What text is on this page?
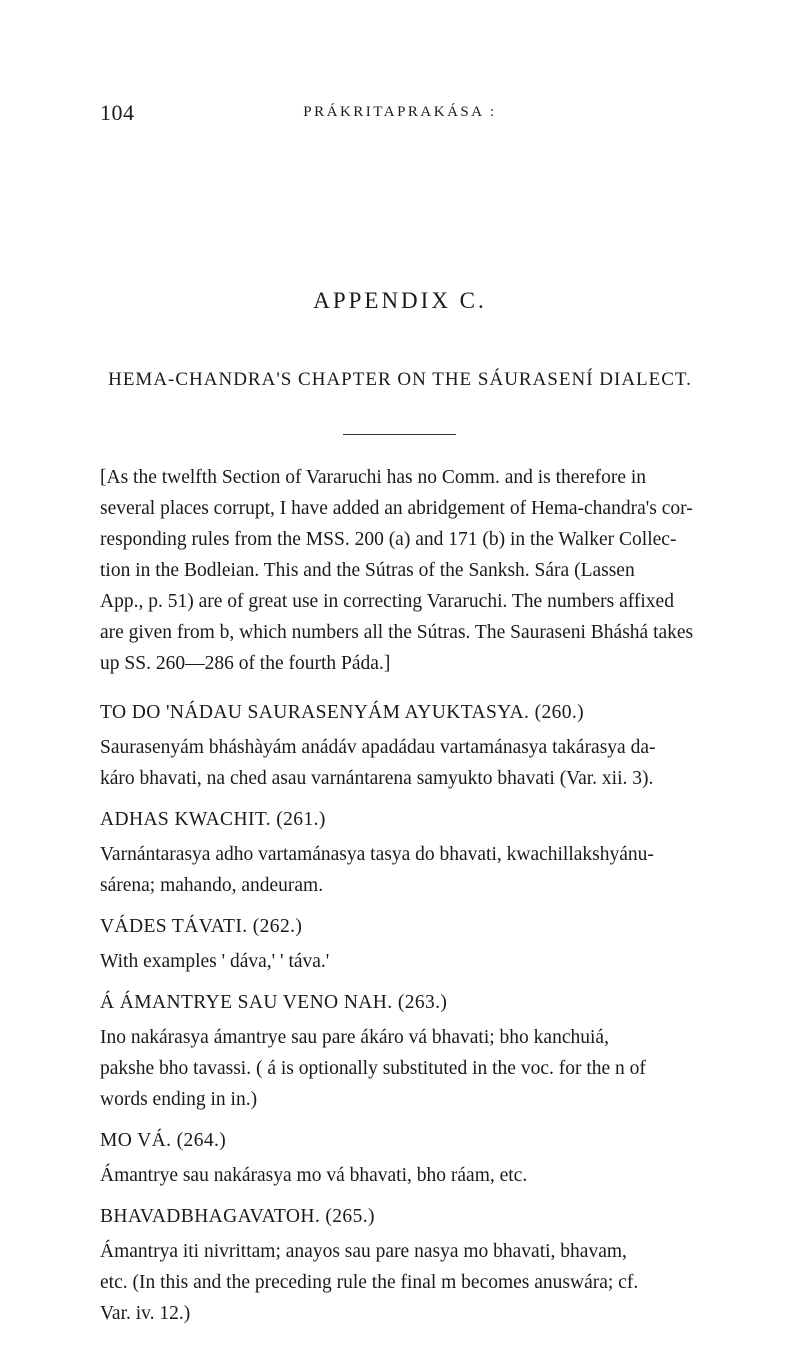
104	PRÁKRITAPRAKÁSA :
APPENDIX C.
HEMA-CHANDRA'S CHAPTER ON THE SÁURASENÍ DIALECT.

[As the twelfth Section of Vararuchi has no Comm. and is therefore in
several places corrupt, I have added an abridgement of Hema-chandra's cor-
responding rules from the MSS. 200 (a) and 171 (b) in the Walker Collec-
tion in the Bodleian. This and the Sútras of the Sanksh. Sára (Lassen
App., p. 51) are of great use in correcting Vararuchi. The numbers affixed
are given from b, which numbers all the Sútras. The Sauraseni Bháshá takes
up SS. 260—286 of the fourth Páda.]

TO DO 'NÁDAU SAURASENYÁM AYUKTASYA. (260.)

Saurasenyám bháshàyám anádáv apadádau vartamánasya takárasya da-
káro bhavati, na ched asau varnántarena samyukto bhavati (Var. xii. 3).

ADHAS KWACHIT. (261.)

Varnántarasya adho vartamánasya tasya do bhavati, kwachillakshyánu-
sárena; mahando, andeuram.

VÁDES TÁVATI. (262.)

With examples ' dáva,' ' táva.'

Á ÁMANTRYE SAU VENO NAH. (263.)

Ino nakárasya ámantrye sau pare ákáro vá bhavati; bho kanchuiá,
pakshe bho tavassi. ( á is optionally substituted in the voc. for the n of
words ending in in.)

MO VÁ. (264.)

Ámantrye sau nakárasya mo vá bhavati, bho ráam, etc.

BHAVADBHAGAVATOH. (265.)

Ámantrya iti nivrittam; anayos sau pare nasya mo bhavati, bhavam,
etc. (In this and the preceding rule the final m becomes anuswára; cf.
Var. iv. 12.)
